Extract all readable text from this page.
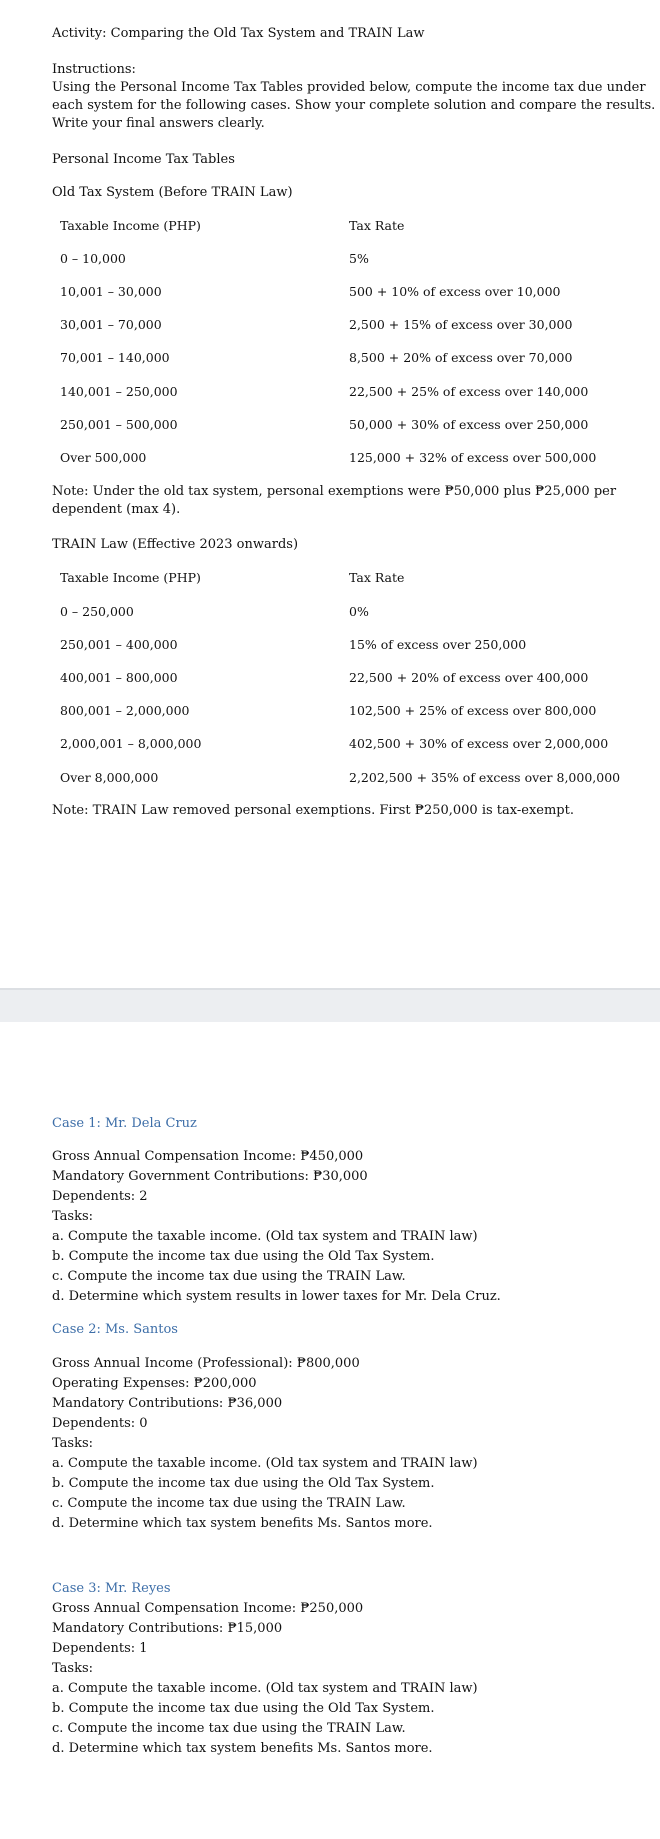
Activity: Comparing the Old Tax System and TRAIN Law
Instructions:
Using the Personal Income Tax Tables provided below, compute the income tax due under
each system for the following cases. Show your complete solution and compare the results.
Write your final answers clearly.
Personal Income Tax Tables
Old Tax System (Before TRAIN Law)
Taxable Income (PHP)	Tax Rate
0 – 10,000	5%
10,001 – 30,000	500 + 10% of excess over 10,000
30,001 – 70,000	2,500 + 15% of excess over 30,000
70,001 – 140,000	8,500 + 20% of excess over 70,000
140,001 – 250,000	22,500 + 25% of excess over 140,000
250,001 – 500,000	50,000 + 30% of excess over 250,000
Over 500,000	125,000 + 32% of excess over 500,000
Note: Under the old tax system, personal exemptions were ₱50,000 plus ₱25,000 per
dependent (max 4).
TRAIN Law (Effective 2023 onwards)
Taxable Income (PHP)	Tax Rate
0 – 250,000	0%
250,001 – 400,000	15% of excess over 250,000
400,001 – 800,000	22,500 + 20% of excess over 400,000
800,001 – 2,000,000	102,500 + 25% of excess over 800,000
2,000,001 – 8,000,000	402,500 + 30% of excess over 2,000,000
Over 8,000,000	2,202,500 + 35% of excess over 8,000,000
Note: TRAIN Law removed personal exemptions. First ₱250,000 is tax-exempt.
Case 1: Mr. Dela Cruz
Gross Annual Compensation Income: ₱450,000
Mandatory Government Contributions: ₱30,000
Dependents: 2
Tasks:
a. Compute the taxable income. (Old tax system and TRAIN law)
b. Compute the income tax due using the Old Tax System.
c. Compute the income tax due using the TRAIN Law.
d. Determine which system results in lower taxes for Mr. Dela Cruz.
Case 2: Ms. Santos
Gross Annual Income (Professional): ₱800,000
Operating Expenses: ₱200,000
Mandatory Contributions: ₱36,000
Dependents: 0
Tasks:
a. Compute the taxable income. (Old tax system and TRAIN law)
b. Compute the income tax due using the Old Tax System.
c. Compute the income tax due using the TRAIN Law.
d. Determine which tax system benefits Ms. Santos more.
Case 3: Mr. Reyes
Gross Annual Compensation Income: ₱250,000
Mandatory Contributions: ₱15,000
Dependents: 1
Tasks:
a. Compute the taxable income. (Old tax system and TRAIN law)
b. Compute the income tax due using the Old Tax System.
c. Compute the income tax due using the TRAIN Law.
d. Determine which tax system benefits Ms. Santos more.
